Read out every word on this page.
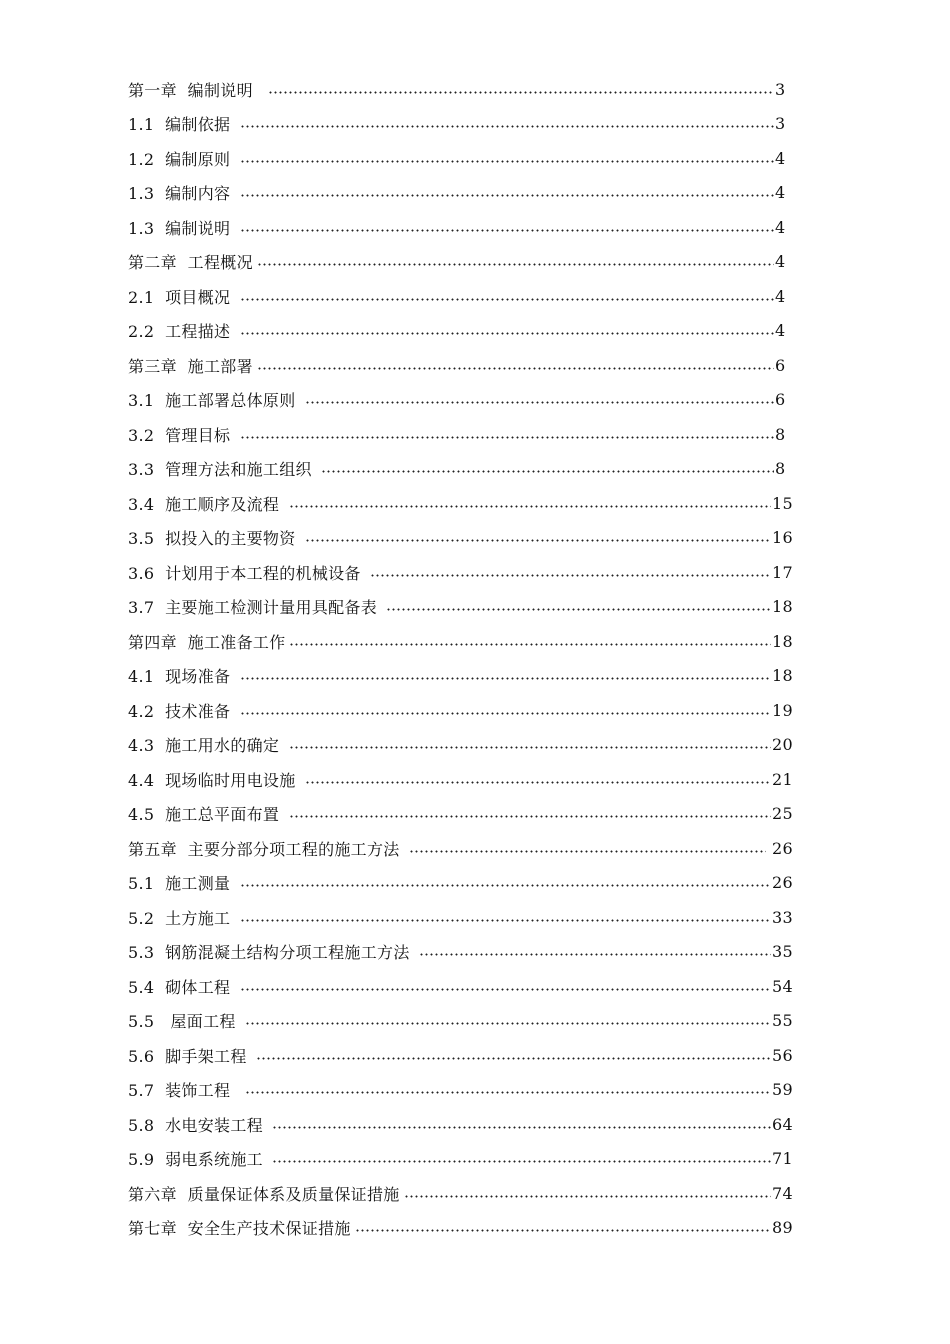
第一章  编制说明	3
1.1  编制依据	3
1.2  编制原则	4
1.3  编制内容	4
1.3  编制说明	4
第二章  工程概况	4
2.1  项目概况	4
2.2  工程描述	4
第三章  施工部署	6
3.1  施工部署总体原则	6
3.2  管理目标	8
3.3  管理方法和施工组织	8
3.4  施工顺序及流程	15
3.5  拟投入的主要物资	16
3.6  计划用于本工程的机械设备	17
3.7  主要施工检测计量用具配备表	18
第四章  施工准备工作	18
4.1  现场准备	18
4.2  技术准备	19
4.3  施工用水的确定	20
4.4  现场临时用电设施	21
4.5  施工总平面布置	25
第五章  主要分部分项工程的施工方法	26
5.1  施工测量	26
5.2  土方施工	33
5.3  钢筋混凝土结构分项工程施工方法	35
5.4  砌体工程	54
5.5   屋面工程	55
5.6  脚手架工程	56
5.7  装饰工程	59
5.8  水电安装工程	64
5.9  弱电系统施工	71
第六章  质量保证体系及质量保证措施	74
第七章  安全生产技术保证措施	89
